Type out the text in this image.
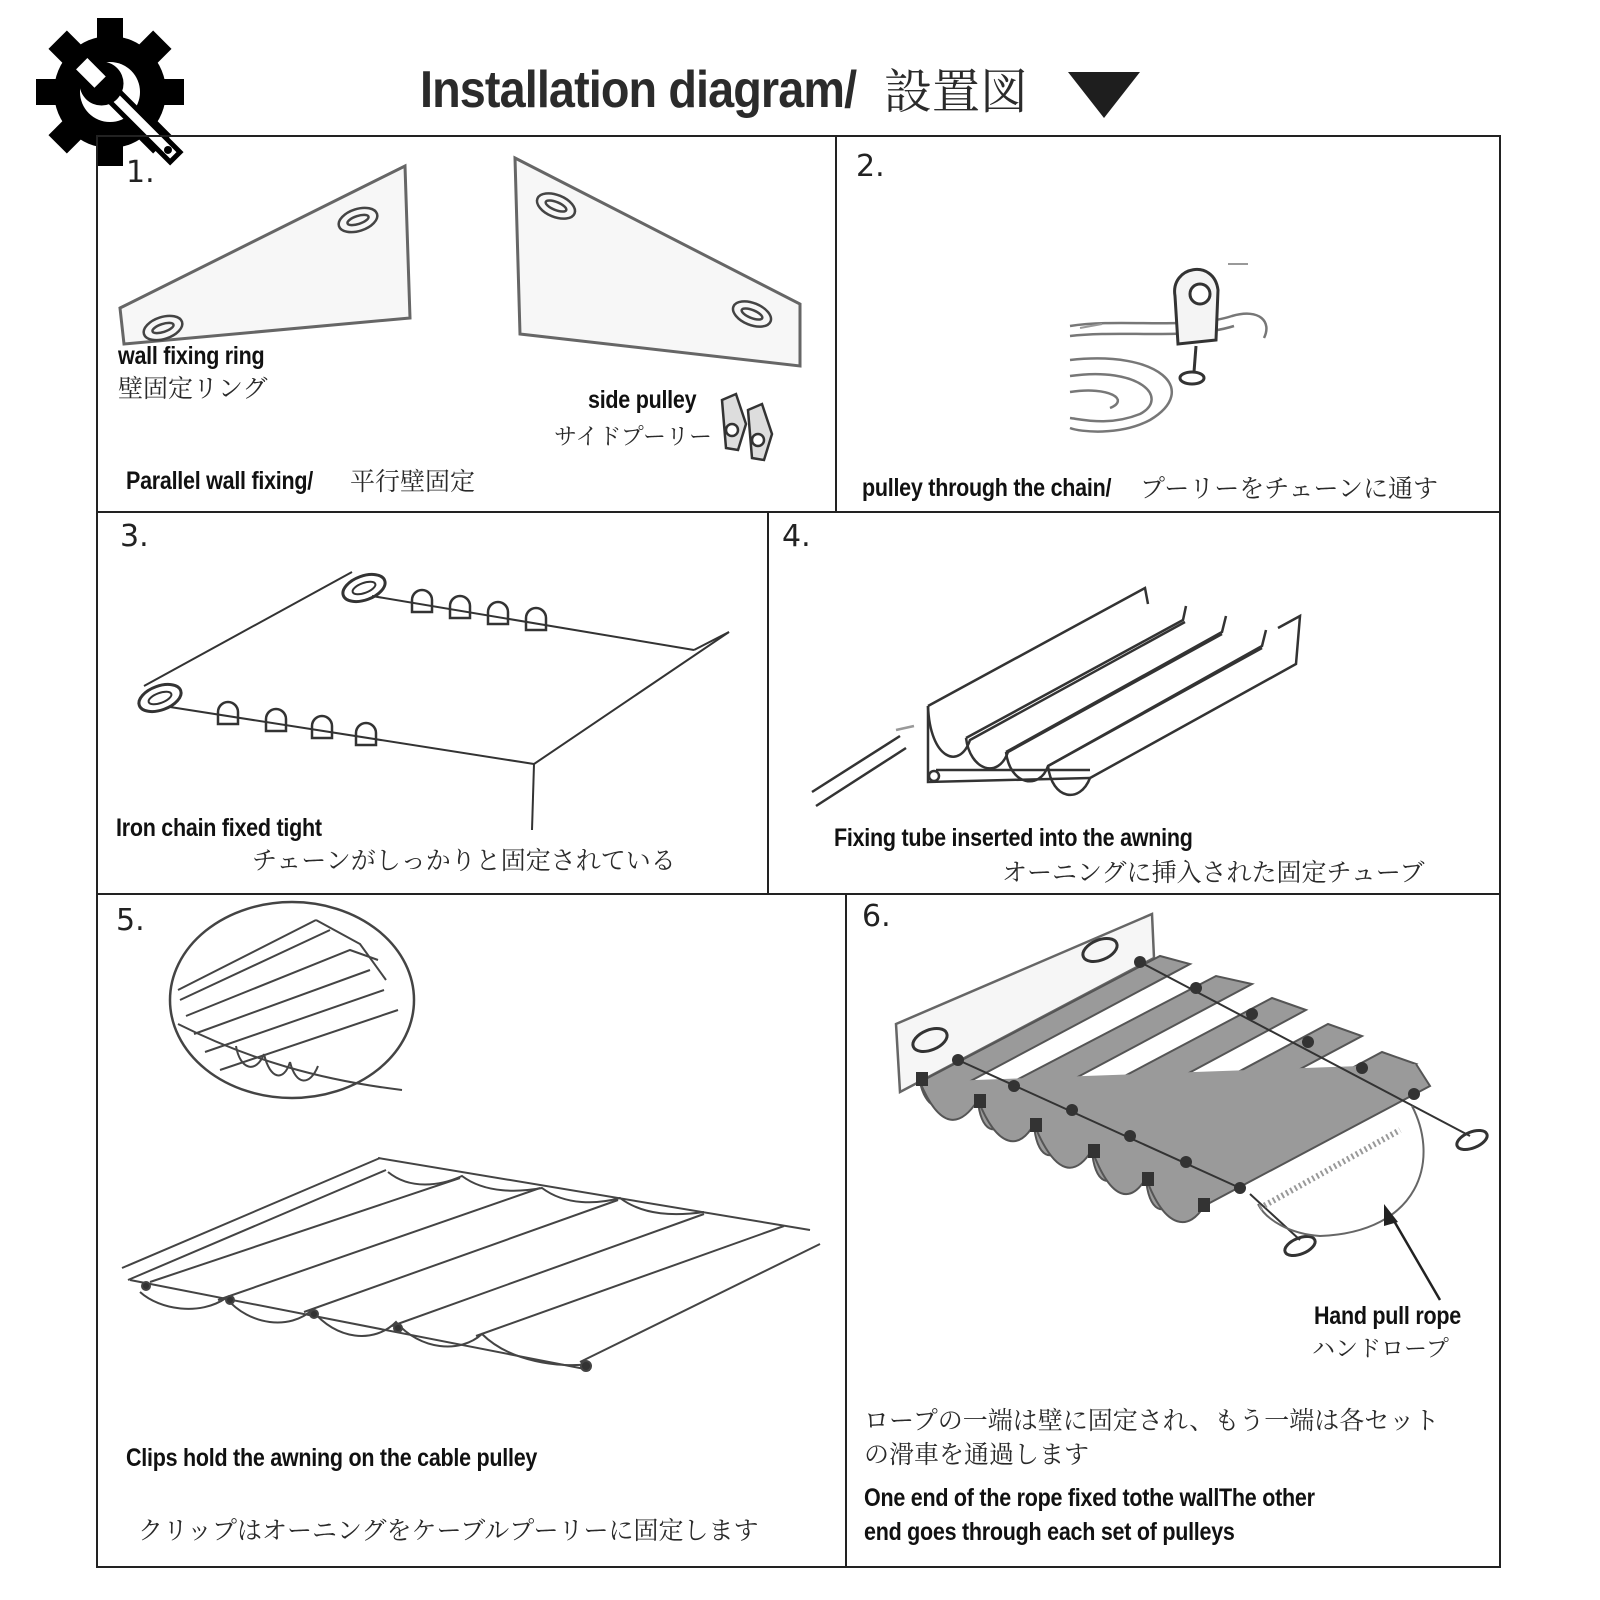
Installation diagram/ 設置図
1.	2.
3.	4.
5.	6.
wall fixing ring
壁固定リング	side pulley
サイドプーリー
Parallel wall fixing/ 平行壁固定	pulley through the chain/ プーリーをチェーンに通す
Iron chain fixed tight
チェーンがしっかりと固定されている
Fixing tube inserted into the awning
オーニングに挿入された固定チューブ
Clips hold the awning on the cable pulley
クリップはオーニングをケーブルプーリーに固定します
Hand pull rope
ハンドロープ
ロープの一端は壁に固定され、もう一端は各セット
の滑車を通過します
One end of the rope fixed tothe wallThe other
end goes through each set of pulleys
